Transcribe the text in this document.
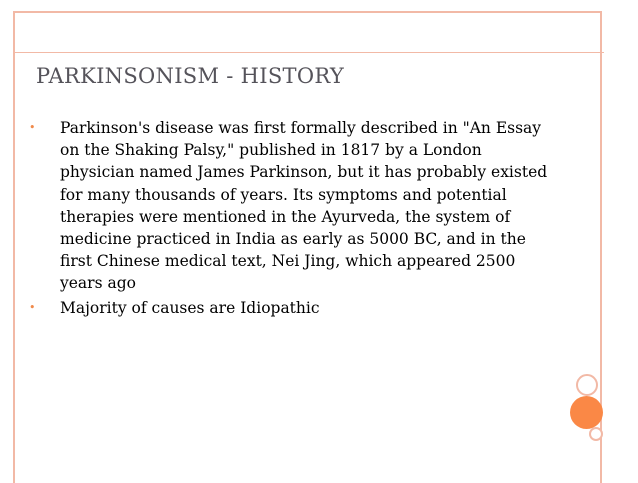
PARKINSONISM - HISTORY
• Parkinson's disease was first formally described in "An Essay on the Shaking Palsy," published in 1817 by a London physician named James Parkinson, but it has probably existed for many thousands of years. Its symptoms and potential therapies were mentioned in the Ayurveda, the system of medicine practiced in India as early as 5000 BC, and in the first Chinese medical text, Nei Jing, which appeared 2500 years ago
• Majority of causes are Idiopathic
